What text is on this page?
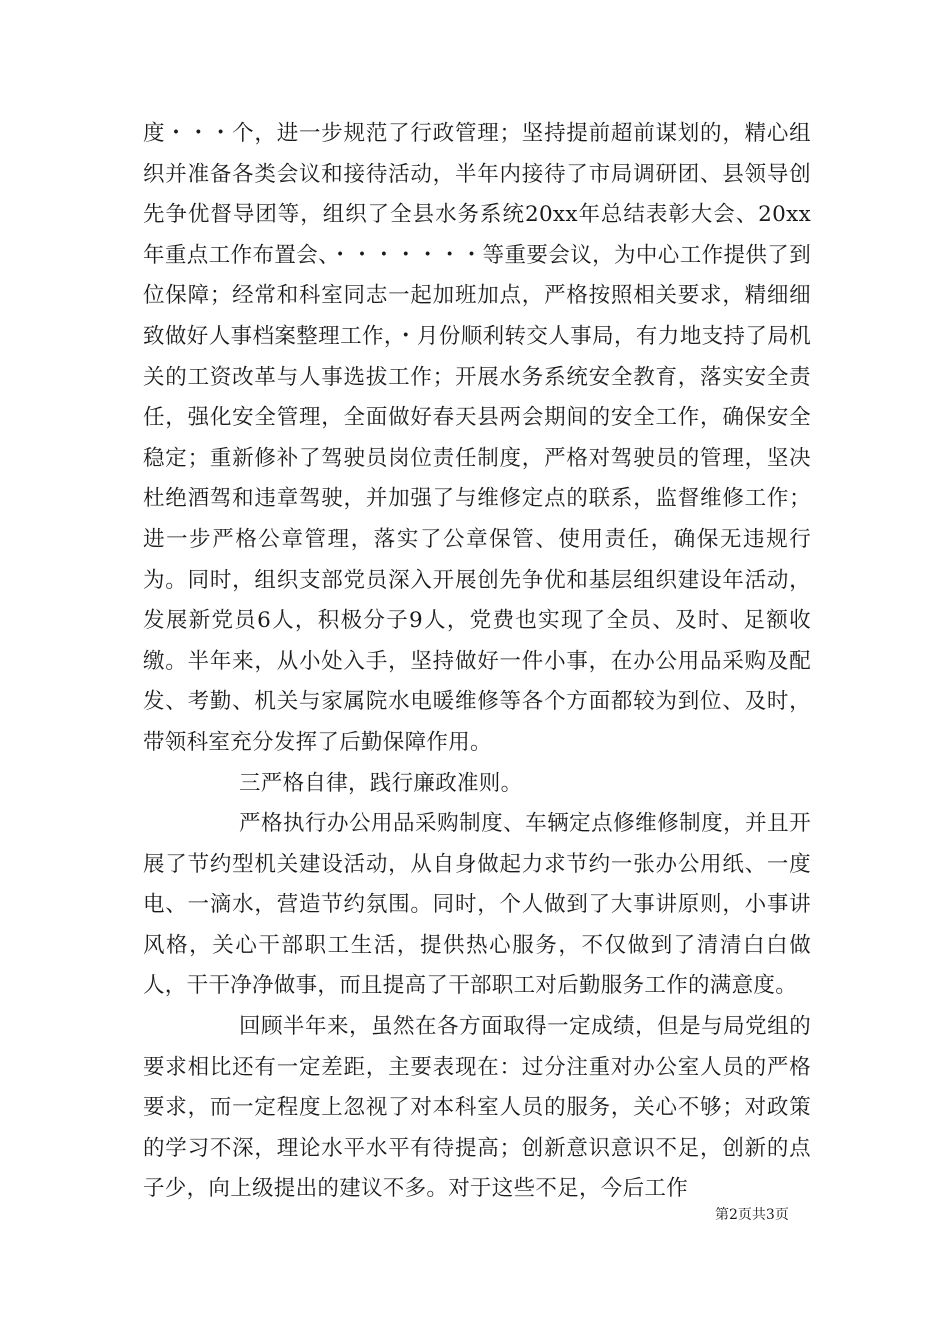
度・・・个，进一步规范了行政管理；坚持提前超前谋划的，精心组织并准备各类会议和接待活动，半年内接待了市局调研团、县领导创先争优督导团等，组织了全县水务系统20xx年总结表彰大会、20xx年重点工作布置会、・・・・・・・等重要会议，为中心工作提供了到位保障；经常和科室同志一起加班加点，严格按照相关要求，精细细致做好人事档案整理工作，・月份顺利转交人事局，有力地支持了局机关的工资改革与人事选拔工作；开展水务系统安全教育，落实安全责任，强化安全管理，全面做好春天县两会期间的安全工作，确保安全稳定；重新修补了驾驶员岗位责任制度，严格对驾驶员的管理，坚决杜绝酒驾和违章驾驶，并加强了与维修定点的联系，监督维修工作；进一步严格公章管理，落实了公章保管、使用责任，确保无违规行为。同时，组织支部党员深入开展创先争优和基层组织建设年活动，发展新党员6人，积极分子9人，党费也实现了全员、及时、足额收缴。半年来，从小处入手，坚持做好一件小事，在办公用品采购及配发、考勤、机关与家属院水电暖维修等各个方面都较为到位、及时，带领科室充分发挥了后勤保障作用。

三严格自律，践行廉政准则。

严格执行办公用品采购制度、车辆定点修维修制度，并且开展了节约型机关建设活动，从自身做起力求节约一张办公用纸、一度电、一滴水，营造节约氛围。同时，个人做到了大事讲原则，小事讲风格，关心干部职工生活，提供热心服务，不仅做到了清清白白做人，干干净净做事，而且提高了干部职工对后勤服务工作的满意度。

回顾半年来，虽然在各方面取得一定成绩，但是与局党组的要求相比还有一定差距，主要表现在：过分注重对办公室人员的严格要求，而一定程度上忽视了对本科室人员的服务，关心不够；对政策的学习不深，理论水平水平有待提高；创新意识意识不足，创新的点子少，向上级提出的建议不多。对于这些不足，今后工作

第2页共3页
